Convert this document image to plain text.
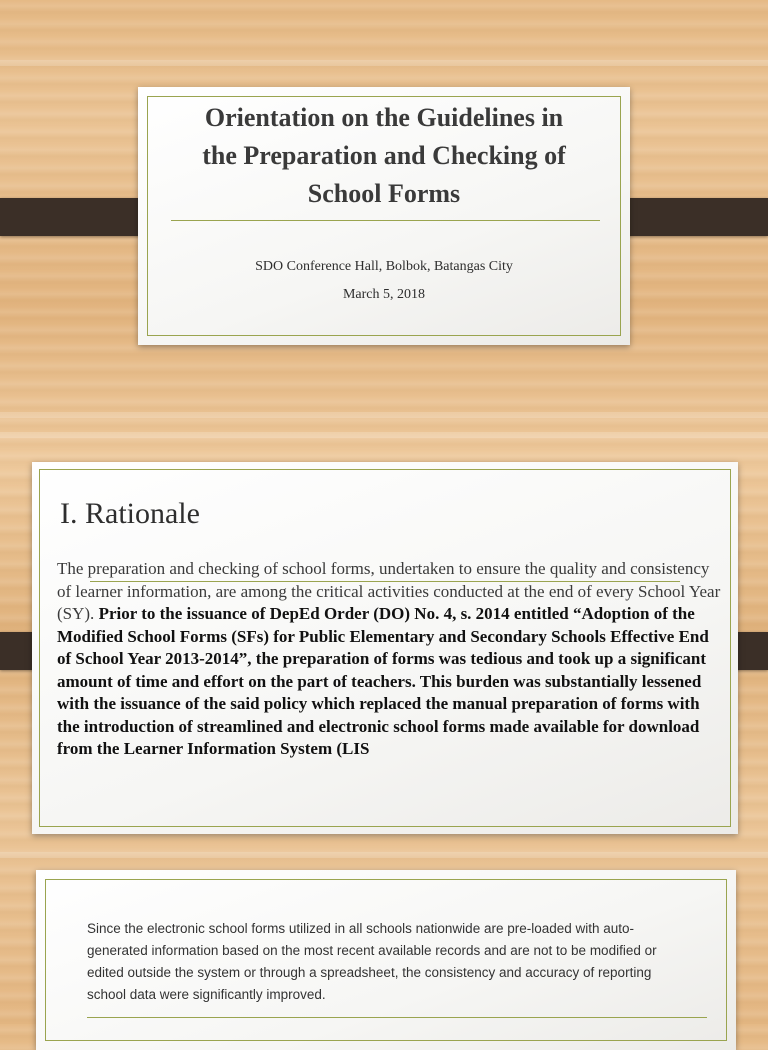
Orientation on the Guidelines in
the Preparation and Checking of
School Forms
SDO Conference Hall, Bolbok, Batangas City
March 5, 2018
I. Rationale
The preparation and checking of school forms, undertaken to ensure the quality and consistency of learner information, are among the critical activities conducted at the end of every School Year (SY). Prior to the issuance of DepEd Order (DO) No. 4, s. 2014 entitled “Adoption of the Modified School Forms (SFs) for Public Elementary and Secondary Schools Effective End of School Year 2013-2014”, the preparation of forms was tedious and took up a significant amount of time and effort on the part of teachers. This burden was substantially lessened with the issuance of the said policy which replaced the manual preparation of forms with the introduction of streamlined and electronic school forms made available for download from the Learner Information System (LIS
Since the electronic school forms utilized in all schools nationwide are pre-loaded with auto-generated information based on the most recent available records and are not to be modified or edited outside the system or through a spreadsheet, the consistency and accuracy of reporting school data were significantly improved.
